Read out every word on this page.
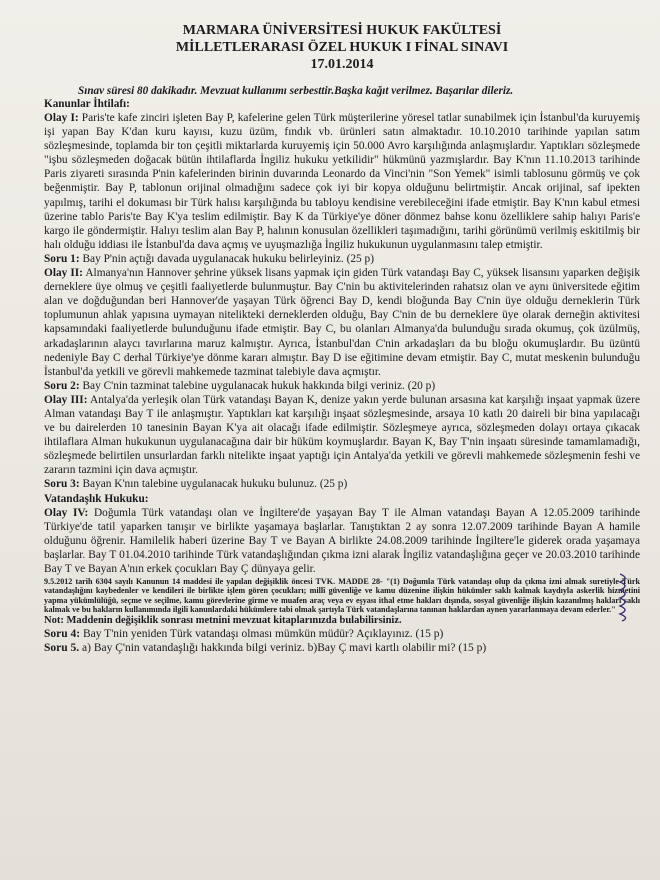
MARMARA ÜNİVERSİTESİ HUKUK FAKÜLTESİ
MİLLETLERARASI ÖZEL HUKUK I FİNAL SINAVI
17.01.2014
Sınav süresi 80 dakikadır. Mevzuat kullanımı serbesttir.Başka kağıt verilmez. Başarılar dileriz.
Kanunlar İhtilafı:

Olay I: Paris'te kafe zinciri işleten Bay P, kafelerine gelen Türk müşterilerine yöresel tatlar sunabilmek için İstanbul'da kuruyemiş işi yapan Bay K'dan kuru kayısı, kuzu üzüm, fındık vb. ürünleri satın almaktadır. 10.10.2010 tarihinde yapılan satım sözleşmesinde, toplamda bir ton çeşitli miktarlarda kuruyemiş için 50.000 Avro karşılığında anlaşmışlardır. Yaptıkları sözleşmede "işbu sözleşmeden doğacak bütün ihtilaflarda İngiliz hukuku yetkilidir" hükmünü yazmışlardır. Bay K'nın 11.10.2013 tarihinde Paris ziyareti sırasında P'nin kafelerinden birinin duvarında Leonardo da Vinci'nin "Son Yemek" isimli tablosunu görmüş ve çok beğenmiştir. Bay P, tablonun orijinal olmadığını sadece çok iyi bir kopya olduğunu belirtmiştir. Ancak orijinal, saf ipekten yapılmış, tarihi el dokuması bir Türk halısı karşılığında bu tabloyu kendisine verebileceğini ifade etmiştir. Bay K'nın kabul etmesi üzerine tablo Paris'te Bay K'ya teslim edilmiştir. Bay K da Türkiye'ye döner dönmez bahse konu özelliklere sahip halıyı Paris'e kargo ile göndermiştir. Halıyı teslim alan Bay P, halının konusulan özellikleri taşımadığını, tarihi görünümü verilmiş eskitilmiş bir halı olduğu iddiası ile İstanbul'da dava açmış ve uyuşmazlığa İngiliz hukukunun uygulanmasını talep etmiştir.

Soru 1: Bay P'nin açtığı davada uygulanacak hukuku belirleyiniz. (25 p)

Olay II: Almanya'nın Hannover şehrine yüksek lisans yapmak için giden Türk vatandaşı Bay C, yüksek lisansını yaparken değişik derneklere üye olmuş ve çeşitli faaliyetlerde bulunmuştur. Bay C'nin bu aktivitelerinden rahatsız olan ve aynı üniversitede eğitim alan ve doğduğundan beri Hannover'de yaşayan Türk öğrenci Bay D, kendi bloğunda Bay C'nin üye olduğu derneklerin Türk toplumunun ahlak yapısına uymayan nitelikteki derneklerden olduğu, Bay C'nin de bu derneklere üye olarak derneğin aktivitesi kapsamındaki faaliyetlerde bulunduğunu ifade etmiştir. Bay C, bu olanları Almanya'da bulunduğu sırada okumuş, çok üzülmüş, arkadaşlarının alaycı tavırlarına maruz kalmıştır. Ayrıca, İstanbul'dan C'nin arkadaşları da bu bloğu okumuşlardır. Bu üzüntü nedeniyle Bay C derhal Türkiye'ye dönme kararı almıştır. Bay D ise eğitimine devam etmiştir. Bay C, mutat meskenin bulunduğu İstanbul'da yetkili ve görevli mahkemede tazminat talebiyle dava açmıştır.

Soru 2: Bay C'nin tazminat talebine uygulanacak hukuk hakkında bilgi veriniz. (20 p)

Olay III: Antalya'da yerleşik olan Türk vatandaşı Bayan K, denize yakın yerde bulunan arsasına kat karşılığı inşaat yapmak üzere Alman vatandaşı Bay T ile anlaşmıştır. Yaptıkları kat karşılığı inşaat sözleşmesinde, arsaya 10 katlı 20 daireli bir bina yapılacağı ve bu dairelerden 10 tanesinin Bayan K'ya ait olacağı ifade edilmiştir. Sözleşmeye ayrıca, sözleşmeden dolayı ortaya çıkacak ihtilaflara Alman hukukunun uygulanacağına dair bir hüküm koymuşlardır. Bayan K, Bay T'nin inşaatı süresinde tamamlamadığı, sözleşmede belirtilen unsurlardan farklı nitelikte inşaat yaptığı için Antalya'da yetkili ve görevli mahkemede sözleşmenin feshi ve zararın tazmini için dava açmıştır.

Soru 3: Bayan K'nın talebine uygulanacak hukuku bulunuz. (25 p)

Vatandaşlık Hukuku:

Olay IV: Doğumla Türk vatandaşı olan ve İngiltere'de yaşayan Bay T ile Alman vatandaşı Bayan A 12.05.2009 tarihinde Türkiye'de tatil yaparken tanışır ve birlikte yaşamaya başlarlar. Tanıştıktan 2 ay sonra 12.07.2009 tarihinde Bayan A hamile olduğunu öğrenir. Hamilelik haberi üzerine Bay T ve Bayan A birlikte 24.08.2009 tarihinde İngiltere'le giderek orada yaşamaya başlarlar. Bay T 01.04.2010 tarihinde Türk vatandaşlığından çıkma izni alarak İngiliz vatandaşlığına geçer ve 20.03.2010 tarihinde Bay T ve Bayan A'nın erkek çocukları Bay Ç dünyaya gelir.

9.5.2012 tarih 6304 sayılı Kanunun 14 maddesi ile yapılan değişiklik öncesi TVK. MADDE 28- "(1) Doğumla Türk vatandaşı olup da çıkma izni almak suretiyle Türk vatandaşlığını kaybedenler ve kendileri ile birlikte işlem gören çocukları; millî güvenliğe ve kamu düzenine ilişkin hükümler saklı kalmak kaydıyla askerlik hizmetini yapma yükümlülüğü, seçme ve seçilme, kamu görevlerine girme ve muafen araç veya ev eşyası ithal etme hakları dışında, sosyal güvenliğe ilişkin kazanılmış hakları saklı kalmak ve bu hakların kullanımında ilgili kanunlardaki hükümlere tabi olmak şartıyla Türk vatandaşlarına tanınan haklardan aynen yararlanmaya devam ederler."
Not: Maddenin değişiklik sonrası metnini mevzuat kitaplarınızda bulabilirsiniz.
Soru 4: Bay T'nin yeniden Türk vatandaşı olması mümkün müdür? Açıklayınız. (15 p)
Soru 5. a) Bay Ç'nin vatandaşlığı hakkında bilgi veriniz. b)Bay Ç mavi kartlı olabilir mi? (15 p)
